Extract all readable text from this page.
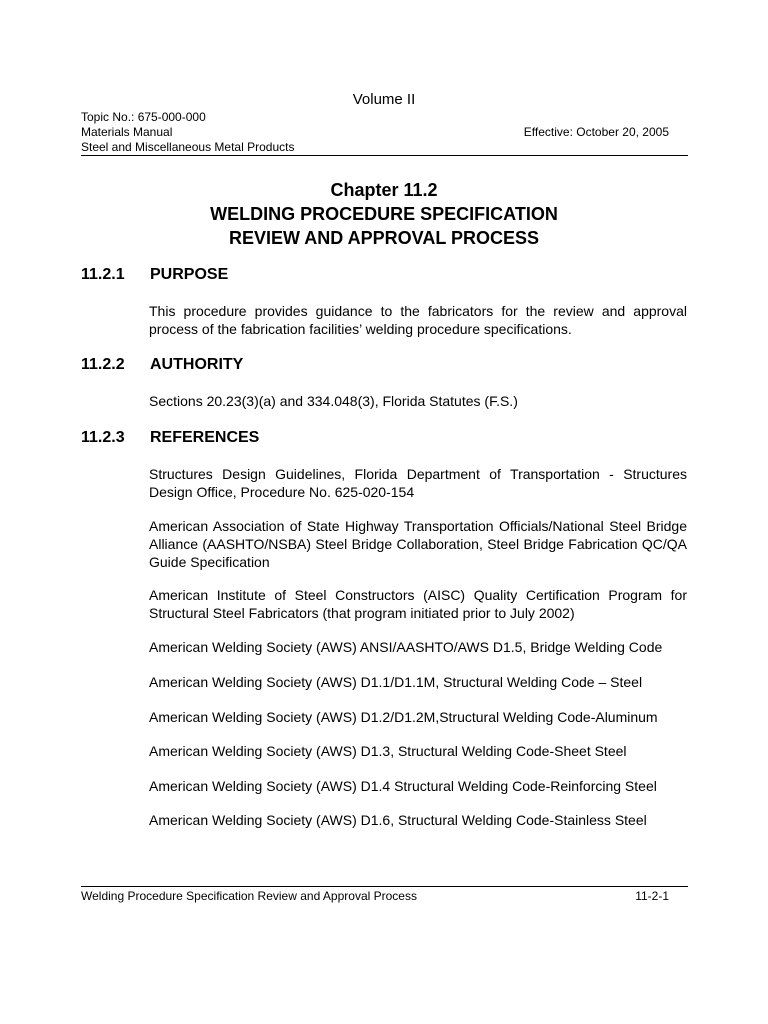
Volume II
Topic No.: 675-000-000
Materials Manual
Steel and Miscellaneous Metal Products
Effective: October 20, 2005
Chapter 11.2
WELDING PROCEDURE SPECIFICATION
REVIEW AND APPROVAL PROCESS
11.2.1 PURPOSE
This procedure provides guidance to the fabricators for the review and approval process of the fabrication facilities’ welding procedure specifications.
11.2.2 AUTHORITY
Sections 20.23(3)(a) and 334.048(3), Florida Statutes (F.S.)
11.2.3 REFERENCES
Structures Design Guidelines, Florida Department of Transportation - Structures Design Office, Procedure No. 625-020-154
American Association of State Highway Transportation Officials/National Steel Bridge Alliance (AASHTO/NSBA) Steel Bridge Collaboration, Steel Bridge Fabrication QC/QA Guide Specification
American Institute of Steel Constructors (AISC) Quality Certification Program for Structural Steel Fabricators (that program initiated prior to July 2002)
American Welding Society (AWS) ANSI/AASHTO/AWS D1.5, Bridge Welding Code
American Welding Society (AWS) D1.1/D1.1M, Structural Welding Code – Steel
American Welding Society (AWS) D1.2/D1.2M,Structural Welding Code-Aluminum
American Welding Society (AWS) D1.3, Structural Welding Code-Sheet Steel
American Welding Society (AWS) D1.4 Structural Welding Code-Reinforcing Steel
American Welding Society (AWS) D1.6, Structural Welding Code-Stainless Steel
Welding Procedure Specification Review and Approval Process	11-2-1
